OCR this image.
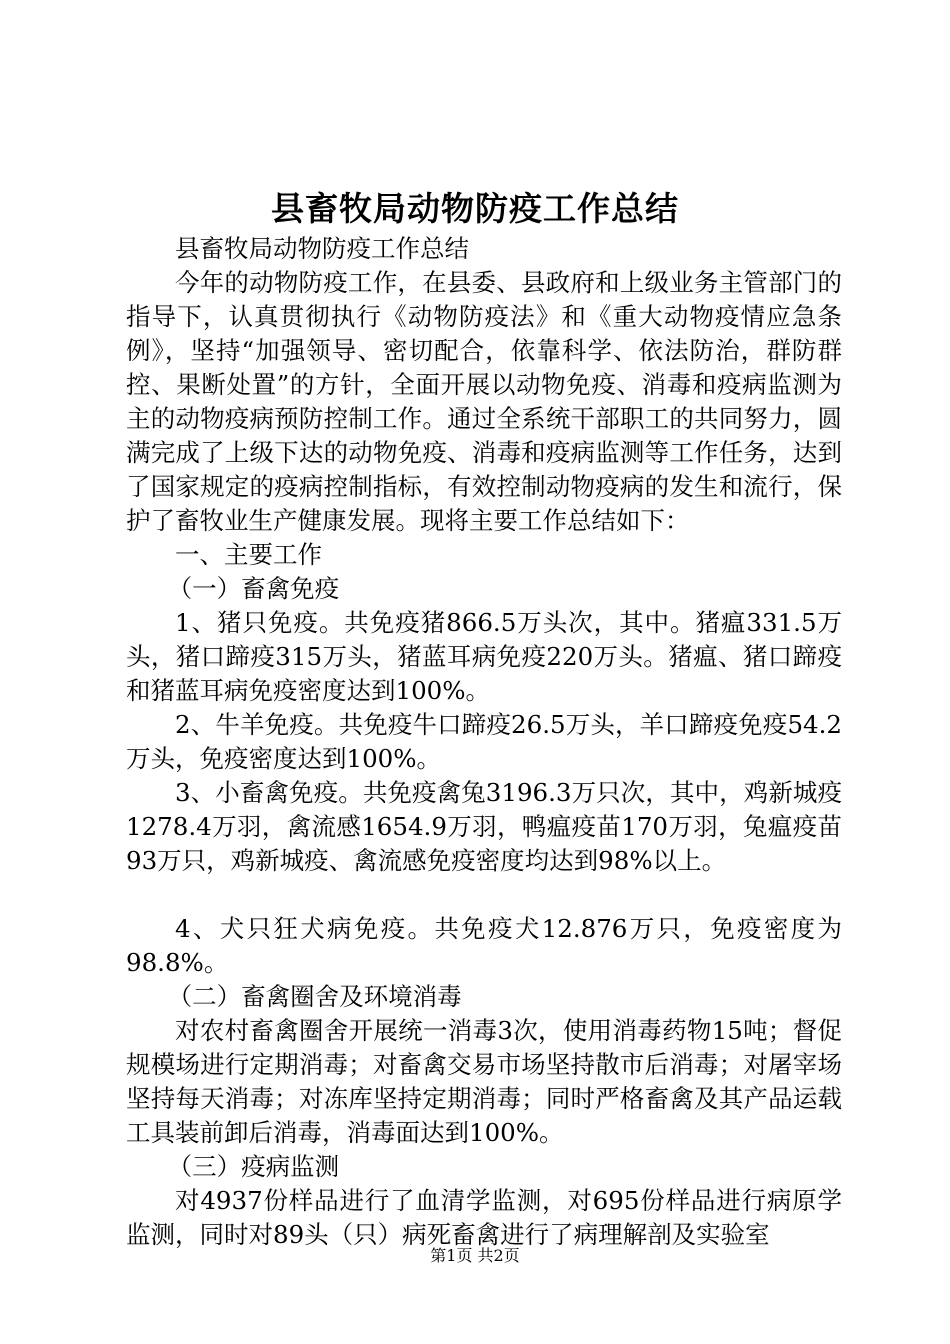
县畜牧局动物防疫工作总结

县畜牧局动物防疫工作总结

今年的动物防疫工作，在县委、县政府和上级业务主管部门的指导下，认真贯彻执行《动物防疫法》和《重大动物疫情应急条例》，坚持“加强领导、密切配合，依靠科学、依法防治，群防群控、果断处置”的方针，全面开展以动物免疫、消毒和疫病监测为主的动物疫病预防控制工作。通过全系统干部职工的共同努力，圆满完成了上级下达的动物免疫、消毒和疫病监测等工作任务，达到了国家规定的疫病控制指标，有效控制动物疫病的发生和流行，保护了畜牧业生产健康发展。现将主要工作总结如下：

一、主要工作

（一）畜禽免疫

1、猪只免疫。共免疫猪866.5万头次，其中。猪瘟331.5万头，猪口蹄疫315万头，猪蓝耳病免疫220万头。猪瘟、猪口蹄疫和猪蓝耳病免疫密度达到100%。

2、牛羊免疫。共免疫牛口蹄疫26.5万头，羊口蹄疫免疫54.2万头，免疫密度达到100%。

3、小畜禽免疫。共免疫禽兔3196.3万只次，其中，鸡新城疫1278.4万羽，禽流感1654.9万羽，鸭瘟疫苗170万羽，兔瘟疫苗93万只，鸡新城疫、禽流感免疫密度均达到98%以上。

4、犬只狂犬病免疫。共免疫犬12.876万只，免疫密度为98.8%。

（二）畜禽圈舍及环境消毒

对农村畜禽圈舍开展统一消毒3次，使用消毒药物15吨；督促规模场进行定期消毒；对畜禽交易市场坚持散市后消毒；对屠宰场坚持每天消毒；对冻库坚持定期消毒；同时严格畜禽及其产品运载工具装前卸后消毒，消毒面达到100%。

（三）疫病监测

对4937份样品进行了血清学监测，对695份样品进行病原学监测，同时对89头（只）病死畜禽进行了病理解剖及实验室

第1页 共2页
